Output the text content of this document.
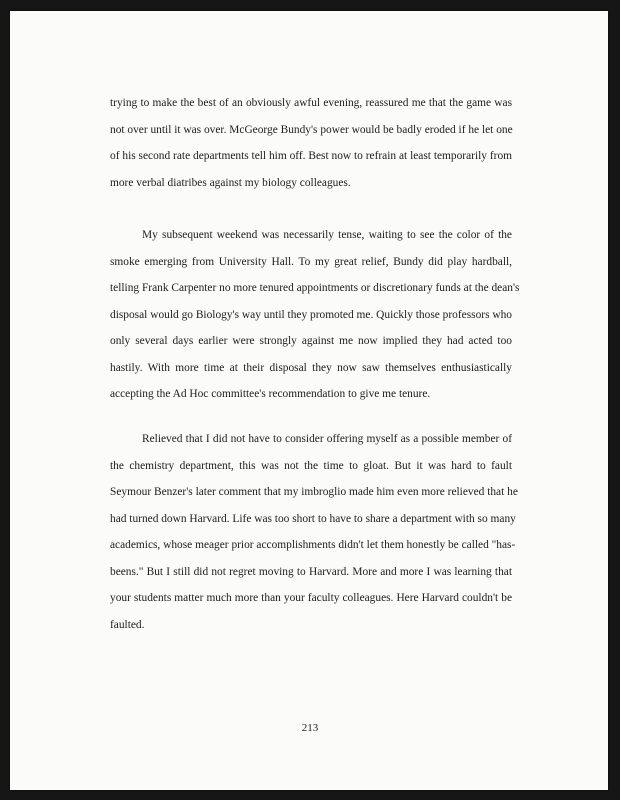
trying to make the best of an obviously awful evening, reassured me that the game was
not over until it was over. McGeorge Bundy's power would be badly eroded if he let one
of his second rate departments tell him off. Best now to refrain at least temporarily from
more verbal diatribes against my biology colleagues.
My subsequent weekend was necessarily tense, waiting to see the color of the
smoke emerging from University Hall. To my great relief, Bundy did play hardball,
telling Frank Carpenter no more tenured appointments or discretionary funds at the dean's
disposal would go Biology's way until they promoted me. Quickly those professors who
only several days earlier were strongly against me now implied they had acted too
hastily. With more time at their disposal they now saw themselves enthusiastically
accepting the Ad Hoc committee's recommendation to give me tenure.
Relieved that I did not have to consider offering myself as a possible member of
the chemistry department, this was not the time to gloat. But it was hard to fault
Seymour Benzer's later comment that my imbroglio made him even more relieved that he
had turned down Harvard. Life was too short to have to share a department with so many
academics, whose meager prior accomplishments didn't let them honestly be called "has-
beens." But I still did not regret moving to Harvard. More and more I was learning that
your students matter much more than your faculty colleagues. Here Harvard couldn't be
faulted.
213
